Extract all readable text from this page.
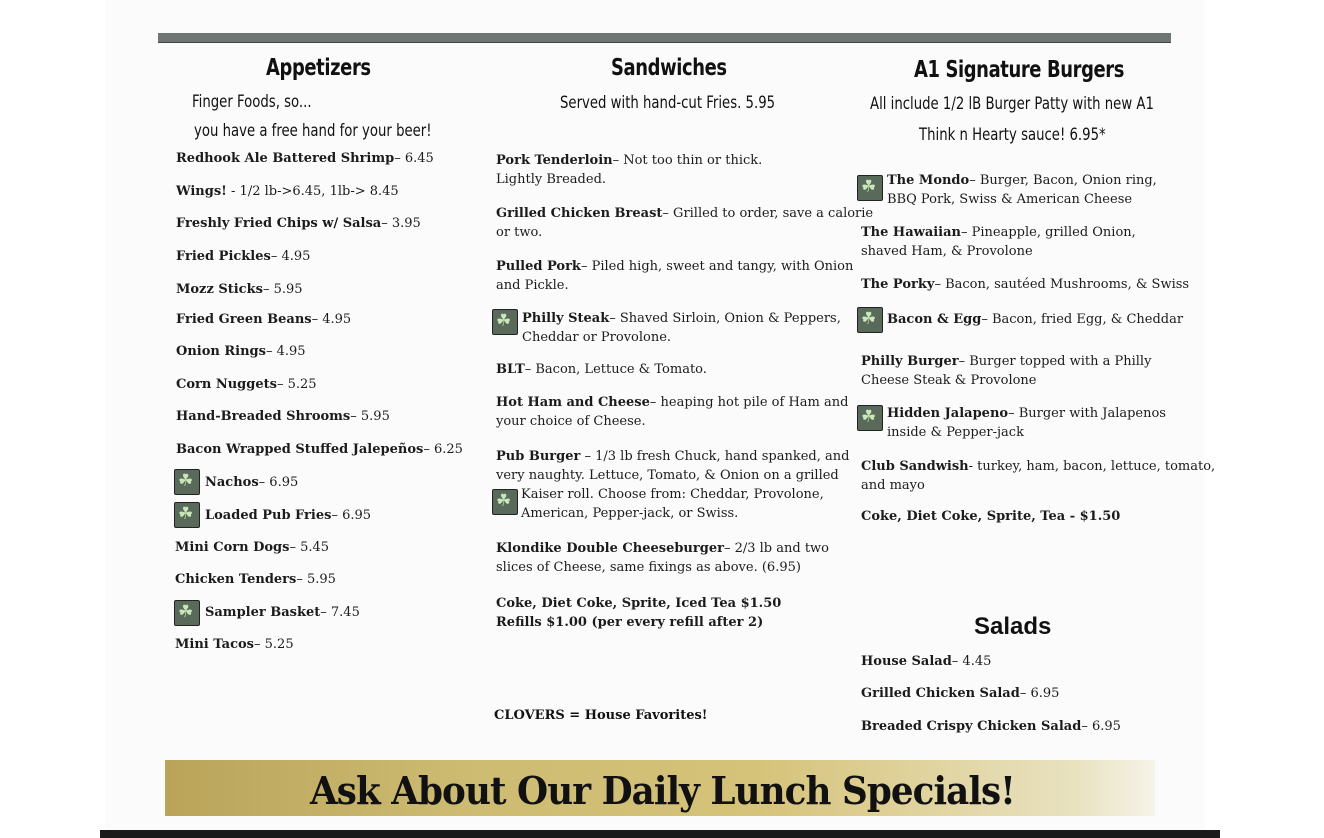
Appetizers
Finger Foods, so...
you have a free hand for your beer!
Redhook Ale Battered Shrimp– 6.45
Wings! - 1/2 lb->6.45, 1lb-> 8.45
Freshly Fried Chips w/ Salsa– 3.95
Fried Pickles– 4.95
Mozz Sticks– 5.95
Fried Green Beans– 4.95
Onion Rings– 4.95
Corn Nuggets– 5.25
Hand-Breaded Shrooms– 5.95
Bacon Wrapped Stuffed Jalepeños– 6.25
☘
Nachos– 6.95
☘
Loaded Pub Fries– 6.95
Mini Corn Dogs– 5.45
Chicken Tenders– 5.95
☘
Sampler Basket– 7.45
Mini Tacos– 5.25
Sandwiches
Served with hand-cut Fries. 5.95
Pork Tenderloin– Not too thin or thick.
Lightly Breaded.
Grilled Chicken Breast– Grilled to order, save a calorie
or two.
Pulled Pork– Piled high, sweet and tangy, with Onion
and Pickle.
☘
Philly Steak– Shaved Sirloin, Onion & Peppers,
Cheddar or Provolone.
BLT– Bacon, Lettuce & Tomato.
Hot Ham and Cheese– heaping hot pile of Ham and
your choice of Cheese.
Pub Burger – 1/3 lb fresh Chuck, hand spanked, and
very naughty. Lettuce, Tomato, & Onion on a grilled
☘
Kaiser roll. Choose from: Cheddar, Provolone,
American, Pepper-jack, or Swiss.
Klondike Double Cheeseburger– 2/3 lb and two
slices of Cheese, same fixings as above. (6.95)
Coke, Diet Coke, Sprite, Iced Tea $1.50
Refills $1.00 (per every refill after 2)
CLOVERS = House Favorites!
A1 Signature Burgers
All include 1/2 lB Burger Patty with new A1
Think n Hearty sauce! 6.95*
☘
The Mondo– Burger, Bacon, Onion ring,
BBQ Pork, Swiss & American Cheese
The Hawaiian– Pineapple, grilled Onion,
shaved Ham, & Provolone
The Porky– Bacon, sautéed Mushrooms, & Swiss
☘
Bacon & Egg– Bacon, fried Egg, & Cheddar
Philly Burger– Burger topped with a Philly
Cheese Steak & Provolone
☘
Hidden Jalapeno– Burger with Jalapenos
inside & Pepper-jack
Club Sandwish- turkey, ham, bacon, lettuce, tomato,
and mayo
Coke, Diet Coke, Sprite, Tea - $1.50
Salads
House Salad– 4.45
Grilled Chicken Salad– 6.95
Breaded Crispy Chicken Salad– 6.95
Ask About Our Daily Lunch Specials!
